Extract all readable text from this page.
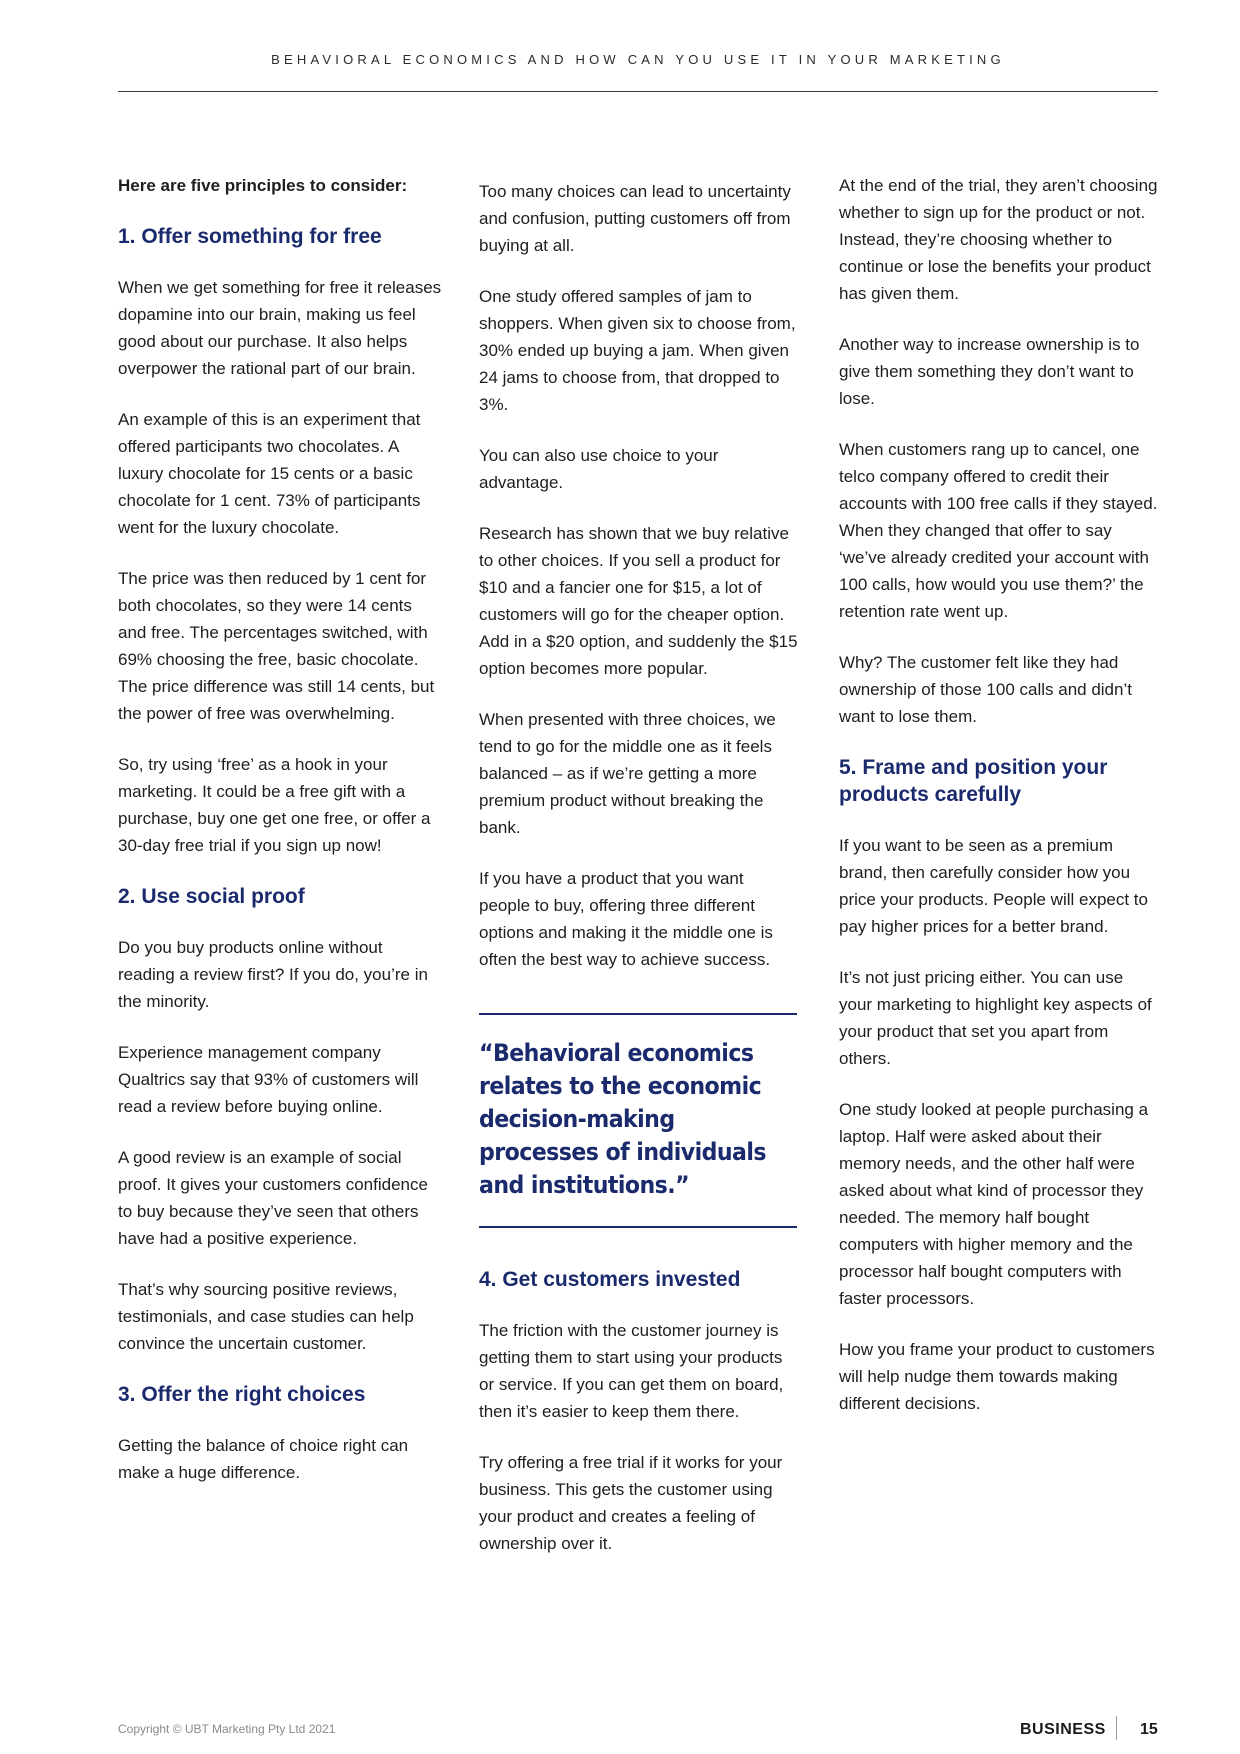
BEHAVIORAL ECONOMICS AND HOW CAN YOU USE IT IN YOUR MARKETING

Here are five principles to consider:

1. Offer something for free

When we get something for free it releases dopamine into our brain, making us feel good about our purchase. It also helps overpower the rational part of our brain.

An example of this is an experiment that offered participants two chocolates. A luxury chocolate for 15 cents or a basic chocolate for 1 cent. 73% of participants went for the luxury chocolate.

The price was then reduced by 1 cent for both chocolates, so they were 14 cents and free. The percentages switched, with 69% choosing the free, basic chocolate. The price difference was still 14 cents, but the power of free was overwhelming.

So, try using ‘free’ as a hook in your marketing. It could be a free gift with a purchase, buy one get one free, or offer a 30-day free trial if you sign up now!

2. Use social proof

Do you buy products online without reading a review first? If you do, you’re in the minority.

Experience management company Qualtrics say that 93% of customers will read a review before buying online.

A good review is an example of social proof. It gives your customers confidence to buy because they’ve seen that others have had a positive experience.

That’s why sourcing positive reviews, testimonials, and case studies can help convince the uncertain customer.

3. Offer the right choices

Getting the balance of choice right can make a huge difference.

Too many choices can lead to uncertainty and confusion, putting customers off from buying at all.

One study offered samples of jam to shoppers. When given six to choose from, 30% ended up buying a jam. When given 24 jams to choose from, that dropped to 3%.

You can also use choice to your advantage.

Research has shown that we buy relative to other choices. If you sell a product for $10 and a fancier one for $15, a lot of customers will go for the cheaper option. Add in a $20 option, and suddenly the $15 option becomes more popular.

When presented with three choices, we tend to go for the middle one as it feels balanced – as if we’re getting a more premium product without breaking the bank.

If you have a product that you want people to buy, offering three different options and making it the middle one is often the best way to achieve success.

“Behavioral economics relates to the economic decision-making processes of individuals and institutions.”
4. Get customers invested

The friction with the customer journey is getting them to start using your products or service. If you can get them on board, then it’s easier to keep them there.

Try offering a free trial if it works for your business. This gets the customer using your product and creates a feeling of ownership over it.

At the end of the trial, they aren’t choosing whether to sign up for the product or not. Instead, they’re choosing whether to continue or lose the benefits your product has given them.

Another way to increase ownership is to give them something they don’t want to lose.

When customers rang up to cancel, one telco company offered to credit their accounts with 100 free calls if they stayed. When they changed that offer to say ‘we’ve already credited your account with 100 calls, how would you use them?’ the retention rate went up.

Why? The customer felt like they had ownership of those 100 calls and didn’t want to lose them.

5. Frame and position your products carefully

If you want to be seen as a premium brand, then carefully consider how you price your products. People will expect to pay higher prices for a better brand.

It’s not just pricing either. You can use your marketing to highlight key aspects of your product that set you apart from others.

One study looked at people purchasing a laptop. Half were asked about their memory needs, and the other half were asked about what kind of processor they needed. The memory half bought computers with higher memory and the processor half bought computers with faster processors.

How you frame your product to customers will help nudge them towards making different decisions.

Copyright © UBT Marketing Pty Ltd 2021	BUSINESS 15
